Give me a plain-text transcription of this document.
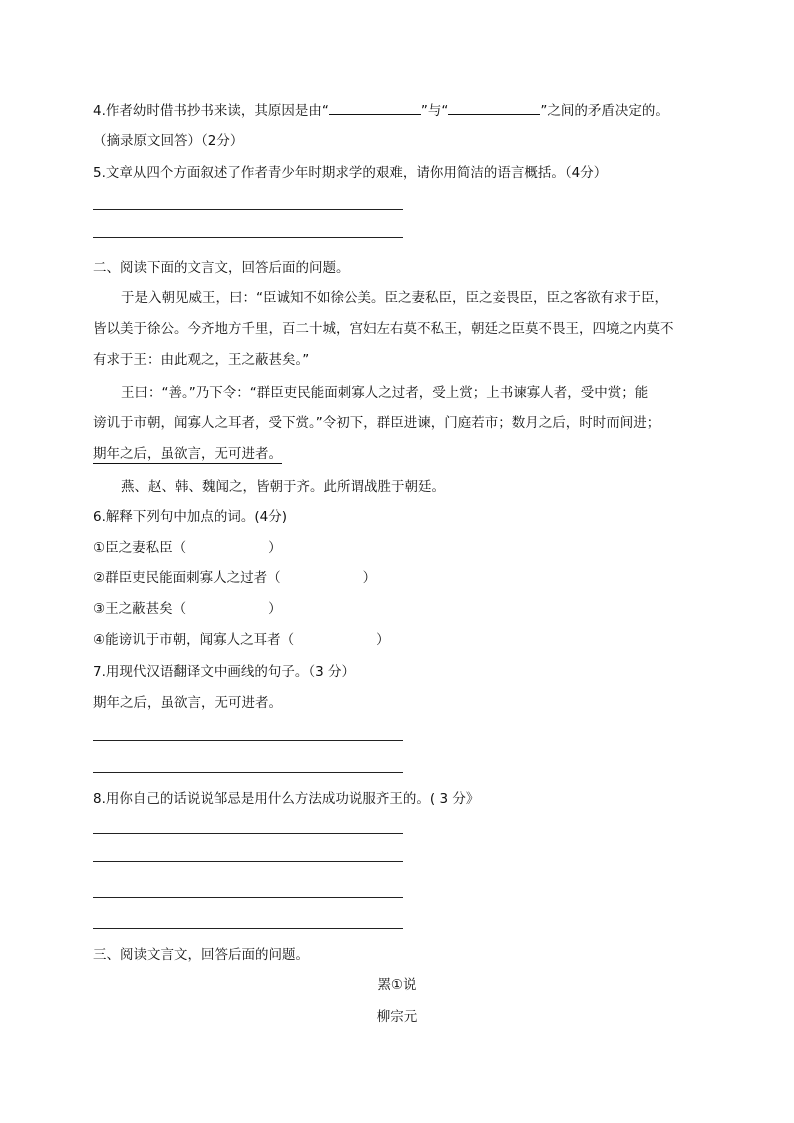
4.作者幼时借书抄书来读，其原因是由“	”与“	”之间的矛盾决定的。
（摘录原文回答）（2分）
5.文章从四个方面叙述了作者青少年时期求学的艰难，请你用简洁的语言概括。（4分）
二、阅读下面的文言文，回答后面的问题。
于是入朝见威王，曰：“臣诚知不如徐公美。臣之妻私臣，臣之妾畏臣，臣之客欲有求于臣，
皆以美于徐公。今齐地方千里，百二十城，宫妇左右莫不私王，朝廷之臣莫不畏王，四境之内莫不
有求于王：由此观之，王之蔽甚矣。”
王曰：“善。”乃下令：“群臣吏民能面刺寡人之过者，受上赏；上书谏寡人者，受中赏；能
谤讥于市朝，闻寡人之耳者，受下赏。”令初下，群臣进谏，门庭若市；数月之后，时时而间进；
期年之后，虽欲言，无可进者。
燕、赵、韩、魏闻之，皆朝于齐。此所谓战胜于朝廷。
6.解释下列句中加点的词。(4分)
①臣之妻私臣（	）
②群臣吏民能面刺寡人之过者（	）
③王之蔽甚矣（	）
④能谤讥于市朝，闻寡人之耳者（	）
7.用现代汉语翻译文中画线的句子。（3 分）
期年之后，虽欲言，无可进者。
8.用你自己的话说说邹忌是用什么方法成功说服齐王的。( 3 分》
三、阅读文言文，回答后面的问题。
罴①说
柳宗元
